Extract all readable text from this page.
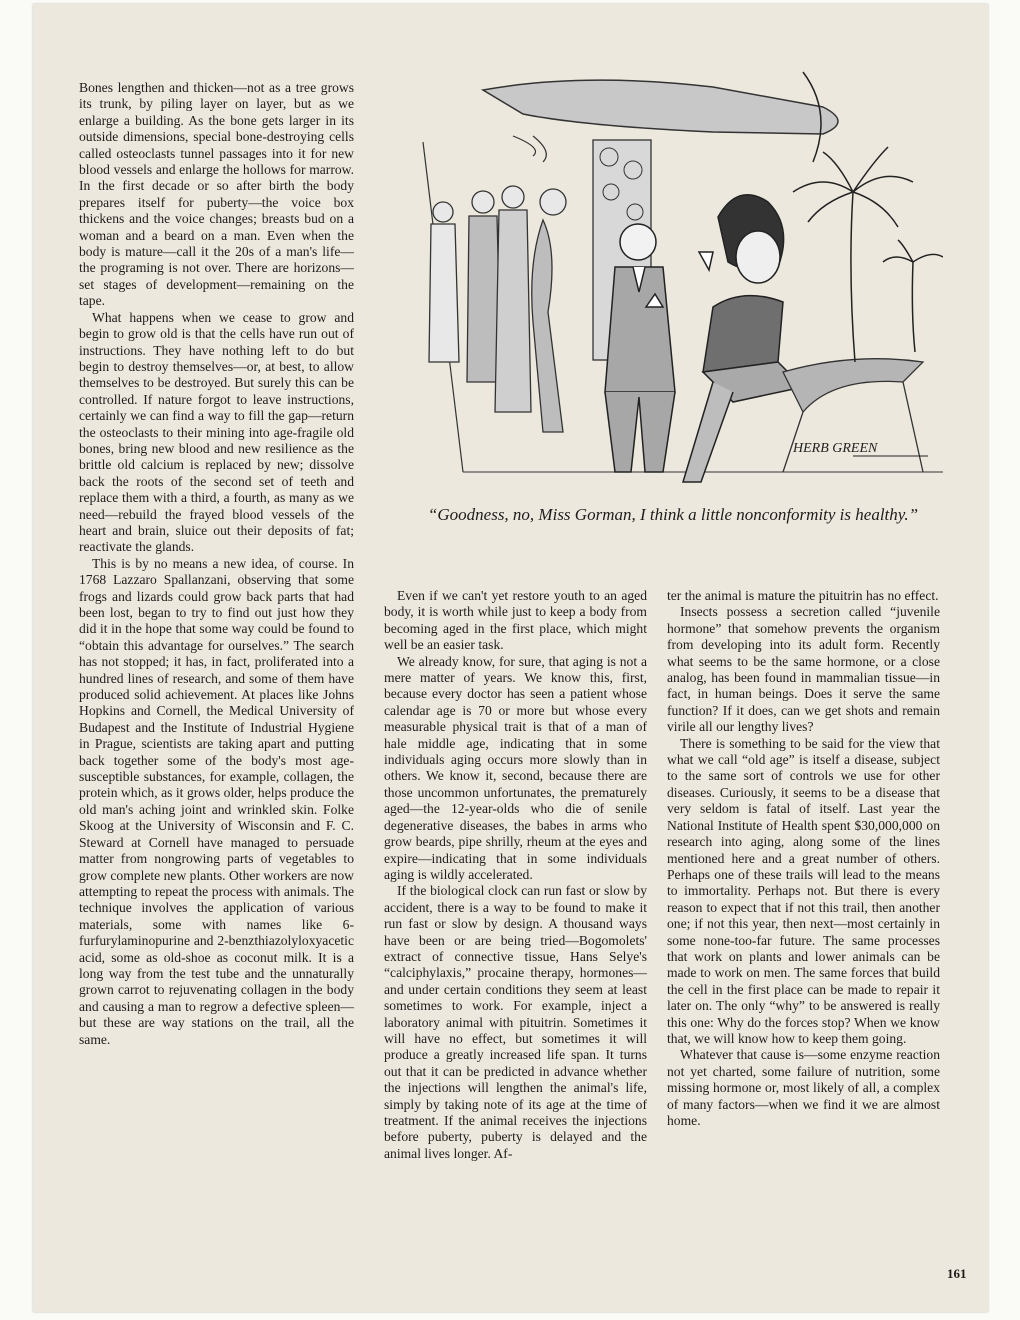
Bones lengthen and thicken—not as a tree grows its trunk, by piling layer on layer, but as we enlarge a building. As the bone gets larger in its outside dimensions, special bone-destroying cells called osteoclasts tunnel passages into it for new blood vessels and enlarge the hollows for marrow. In the first decade or so after birth the body prepares itself for puberty—the voice box thickens and the voice changes; breasts bud on a woman and a beard on a man. Even when the body is mature—call it the 20s of a man's life—the programing is not over. There are horizons—set stages of development—remaining on the tape.

What happens when we cease to grow and begin to grow old is that the cells have run out of instructions. They have nothing left to do but begin to destroy themselves—or, at best, to allow themselves to be destroyed. But surely this can be controlled. If nature forgot to leave instructions, certainly we can find a way to fill the gap—return the osteoclasts to their mining into age-fragile old bones, bring new blood and new resilience as the brittle old calcium is replaced by new; dissolve back the roots of the second set of teeth and replace them with a third, a fourth, as many as we need—rebuild the frayed blood vessels of the heart and brain, sluice out their deposits of fat; reactivate the glands.

This is by no means a new idea, of course. In 1768 Lazzaro Spallanzani, observing that some frogs and lizards could grow back parts that had been lost, began to try to find out just how they did it in the hope that some way could be found to “obtain this advantage for ourselves.” The search has not stopped; it has, in fact, proliferated into a hundred lines of research, and some of them have produced solid achievement. At places like Johns Hopkins and Cornell, the Medical University of Budapest and the Institute of Industrial Hygiene in Prague, scientists are taking apart and putting back together some of the body's most age-susceptible substances, for example, collagen, the protein which, as it grows older, helps produce the old man's aching joint and wrinkled skin. Folke Skoog at the University of Wisconsin and F. C. Steward at Cornell have managed to persuade matter from nongrowing parts of vegetables to grow complete new plants. Other workers are now attempting to repeat the process with animals. The technique involves the application of various materials, some with names like 6-furfurylaminopurine and 2-benzthiazolyloxyacetic acid, some as old-shoe as coconut milk. It is a long way from the test tube and the unnaturally grown carrot to rejuvenating collagen in the body and causing a man to regrow a defective spleen—but these are way stations on the trail, all the same.

HERB GREEN
“Goodness, no, Miss Gorman, I think a little nonconformity is healthy.”

Even if we can't yet restore youth to an aged body, it is worth while just to keep a body from becoming aged in the first place, which might well be an easier task.

We already know, for sure, that aging is not a mere matter of years. We know this, first, because every doctor has seen a patient whose calendar age is 70 or more but whose every measurable physical trait is that of a man of hale middle age, indicating that in some individuals aging occurs more slowly than in others. We know it, second, because there are those uncommon unfortunates, the prematurely aged—the 12-year-olds who die of senile degenerative diseases, the babes in arms who grow beards, pipe shrilly, rheum at the eyes and expire—indicating that in some individuals aging is wildly accelerated.

If the biological clock can run fast or slow by accident, there is a way to be found to make it run fast or slow by design. A thousand ways have been or are being tried—Bogomolets' extract of connective tissue, Hans Selye's “calciphylaxis,” procaine therapy, hormones—and under certain conditions they seem at least sometimes to work. For example, inject a laboratory animal with pituitrin. Sometimes it will have no effect, but sometimes it will produce a greatly increased life span. It turns out that it can be predicted in advance whether the injections will lengthen the animal's life, simply by taking note of its age at the time of treatment. If the animal receives the injections before puberty, puberty is delayed and the animal lives longer. Af-

ter the animal is mature the pituitrin has no effect.

Insects possess a secretion called “juvenile hormone” that somehow prevents the organism from developing into its adult form. Recently what seems to be the same hormone, or a close analog, has been found in mammalian tissue—in fact, in human beings. Does it serve the same function? If it does, can we get shots and remain virile all our lengthy lives?

There is something to be said for the view that what we call “old age” is itself a disease, subject to the same sort of controls we use for other diseases. Curiously, it seems to be a disease that very seldom is fatal of itself. Last year the National Institute of Health spent $30,000,000 on research into aging, along some of the lines mentioned here and a great number of others. Perhaps one of these trails will lead to the means to immortality. Perhaps not. But there is every reason to expect that if not this trail, then another one; if not this year, then next—most certainly in some none-too-far future. The same processes that work on plants and lower animals can be made to work on men. The same forces that build the cell in the first place can be made to repair it later on. The only “why” to be answered is really this one: Why do the forces stop? When we know that, we will know how to keep them going.

Whatever that cause is—some enzyme reaction not yet charted, some failure of nutrition, some missing hormone or, most likely of all, a complex of many factors—when we find it we are almost home.

161
